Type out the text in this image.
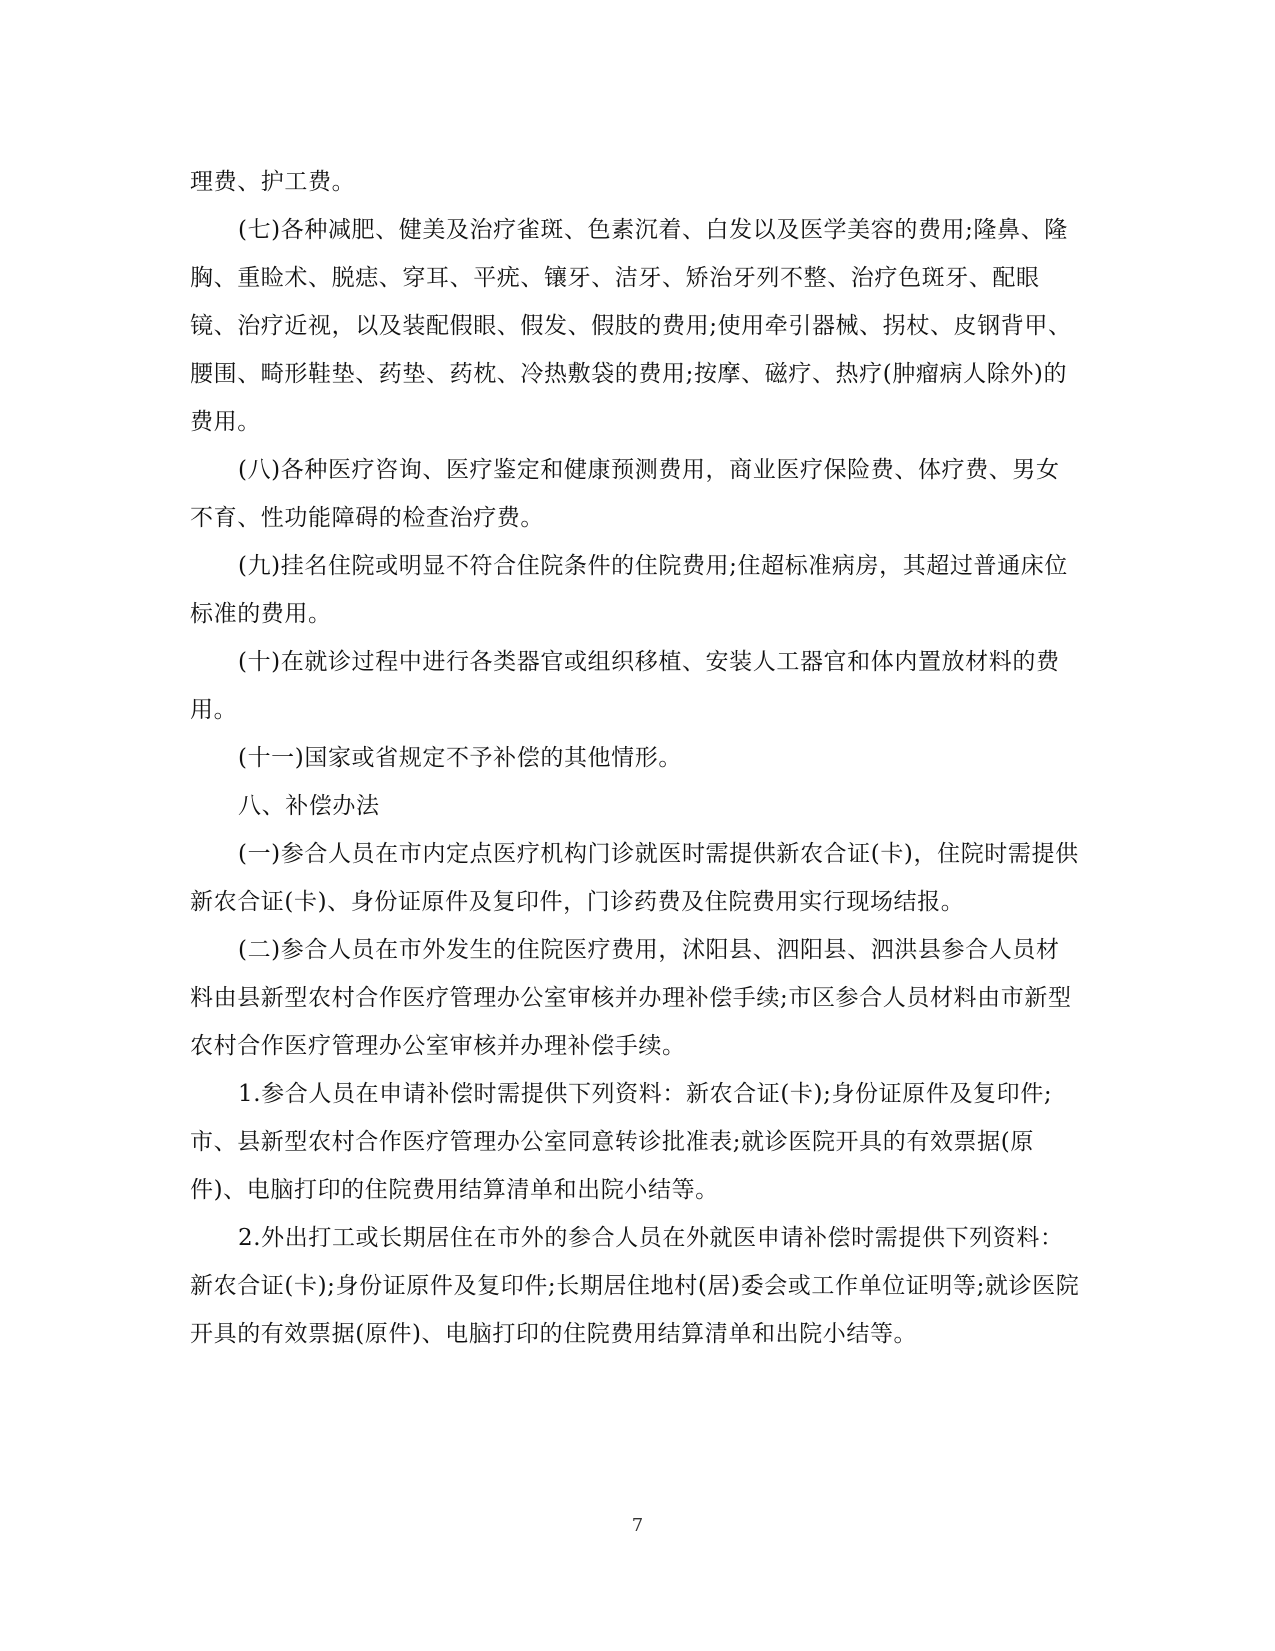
理费、护工费。

(七)各种减肥、健美及治疗雀斑、色素沉着、白发以及医学美容的费用;隆鼻、隆胸、重睑术、脱痣、穿耳、平疣、镶牙、洁牙、矫治牙列不整、治疗色斑牙、配眼镜、治疗近视，以及装配假眼、假发、假肢的费用;使用牵引器械、拐杖、皮钢背甲、腰围、畸形鞋垫、药垫、药枕、冷热敷袋的费用;按摩、磁疗、热疗(肿瘤病人除外)的费用。

(八)各种医疗咨询、医疗鉴定和健康预测费用，商业医疗保险费、体疗费、男女不育、性功能障碍的检查治疗费。

(九)挂名住院或明显不符合住院条件的住院费用;住超标准病房，其超过普通床位标准的费用。

(十)在就诊过程中进行各类器官或组织移植、安装人工器官和体内置放材料的费用。

(十一)国家或省规定不予补偿的其他情形。

八、补偿办法

(一)参合人员在市内定点医疗机构门诊就医时需提供新农合证(卡)，住院时需提供新农合证(卡)、身份证原件及复印件，门诊药费及住院费用实行现场结报。

(二)参合人员在市外发生的住院医疗费用，沭阳县、泗阳县、泗洪县参合人员材料由县新型农村合作医疗管理办公室审核并办理补偿手续;市区参合人员材料由市新型农村合作医疗管理办公室审核并办理补偿手续。

1.参合人员在申请补偿时需提供下列资料：新农合证(卡);身份证原件及复印件;市、县新型农村合作医疗管理办公室同意转诊批准表;就诊医院开具的有效票据(原件)、电脑打印的住院费用结算清单和出院小结等。

2.外出打工或长期居住在市外的参合人员在外就医申请补偿时需提供下列资料：新农合证(卡);身份证原件及复印件;长期居住地村(居)委会或工作单位证明等;就诊医院开具的有效票据(原件)、电脑打印的住院费用结算清单和出院小结等。

7
